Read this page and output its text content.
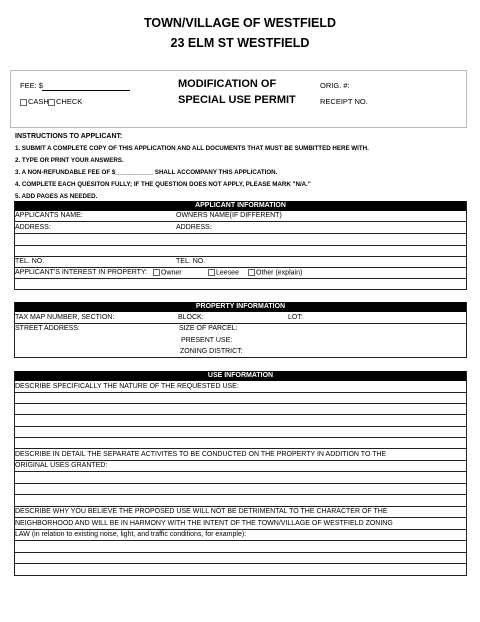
TOWN/VILLAGE OF WESTFIELD
23 ELM ST WESTFIELD
FEE: $
CASH CHECK
MODIFICATION OF
SPECIAL USE PERMIT
ORIG. #:
RECEIPT NO.
INSTRUCTIONS TO APPLICANT:
1. SUBMIT A COMPLETE COPY OF THIS APPLICATION AND ALL DOCUMENTS THAT MUST BE SUMBITTED HERE WITH.
2. TYPE OR PRINT YOUR ANSWERS.
3. A NON-REFUNDABLE FEE OF $___________ SHALL ACCOMPANY THIS APPLICATION.
4. COMPLETE EACH QUESITON FULLY; IF THE QUESTION DOES NOT APPLY, PLEASE MARK "N/A."
5. ADD PAGES AS NEEDED.
APPLICANT INFORMATION
APPLICANTS NAME:	OWNERS NAME(IF DIFFERENT)
ADDRESS:	ADDRESS:
TEL. NO.	TEL. NO.
APPLICANT'S INTEREST IN PROPERTY:	Owner	Leesee	Other (explain)
PROPERTY INFORMATION
TAX MAP NUMBER, SECTION:	BLOCK:	LOT:
STREET ADDRESS:	SIZE OF PARCEL:
PRESENT USE:
ZONING DISTRICT:
USE INFORMATION
DESCRIBE SPECIFICALLY THE NATURE OF THE REQUESTED USE:
DESCRIBE IN DETAIL THE SEPARATE ACTIVITES TO BE CONDUCTED ON THE PROPERTY IN ADDITION TO THE
ORIGINAL USES GRANTED:
DESCRIBE WHY YOU BELIEVE THE PROPOSED USE WILL NOT BE DETRIMENTAL TO THE CHARACTER OF THE
NEIGHBORHOOD AND WILL BE IN HARMONY WITH THE INTENT OF THE TOWN/VILLAGE OF WESTFIELD ZONING
LAW (in relation to existing noise, light, and traffic conditions, for example):
